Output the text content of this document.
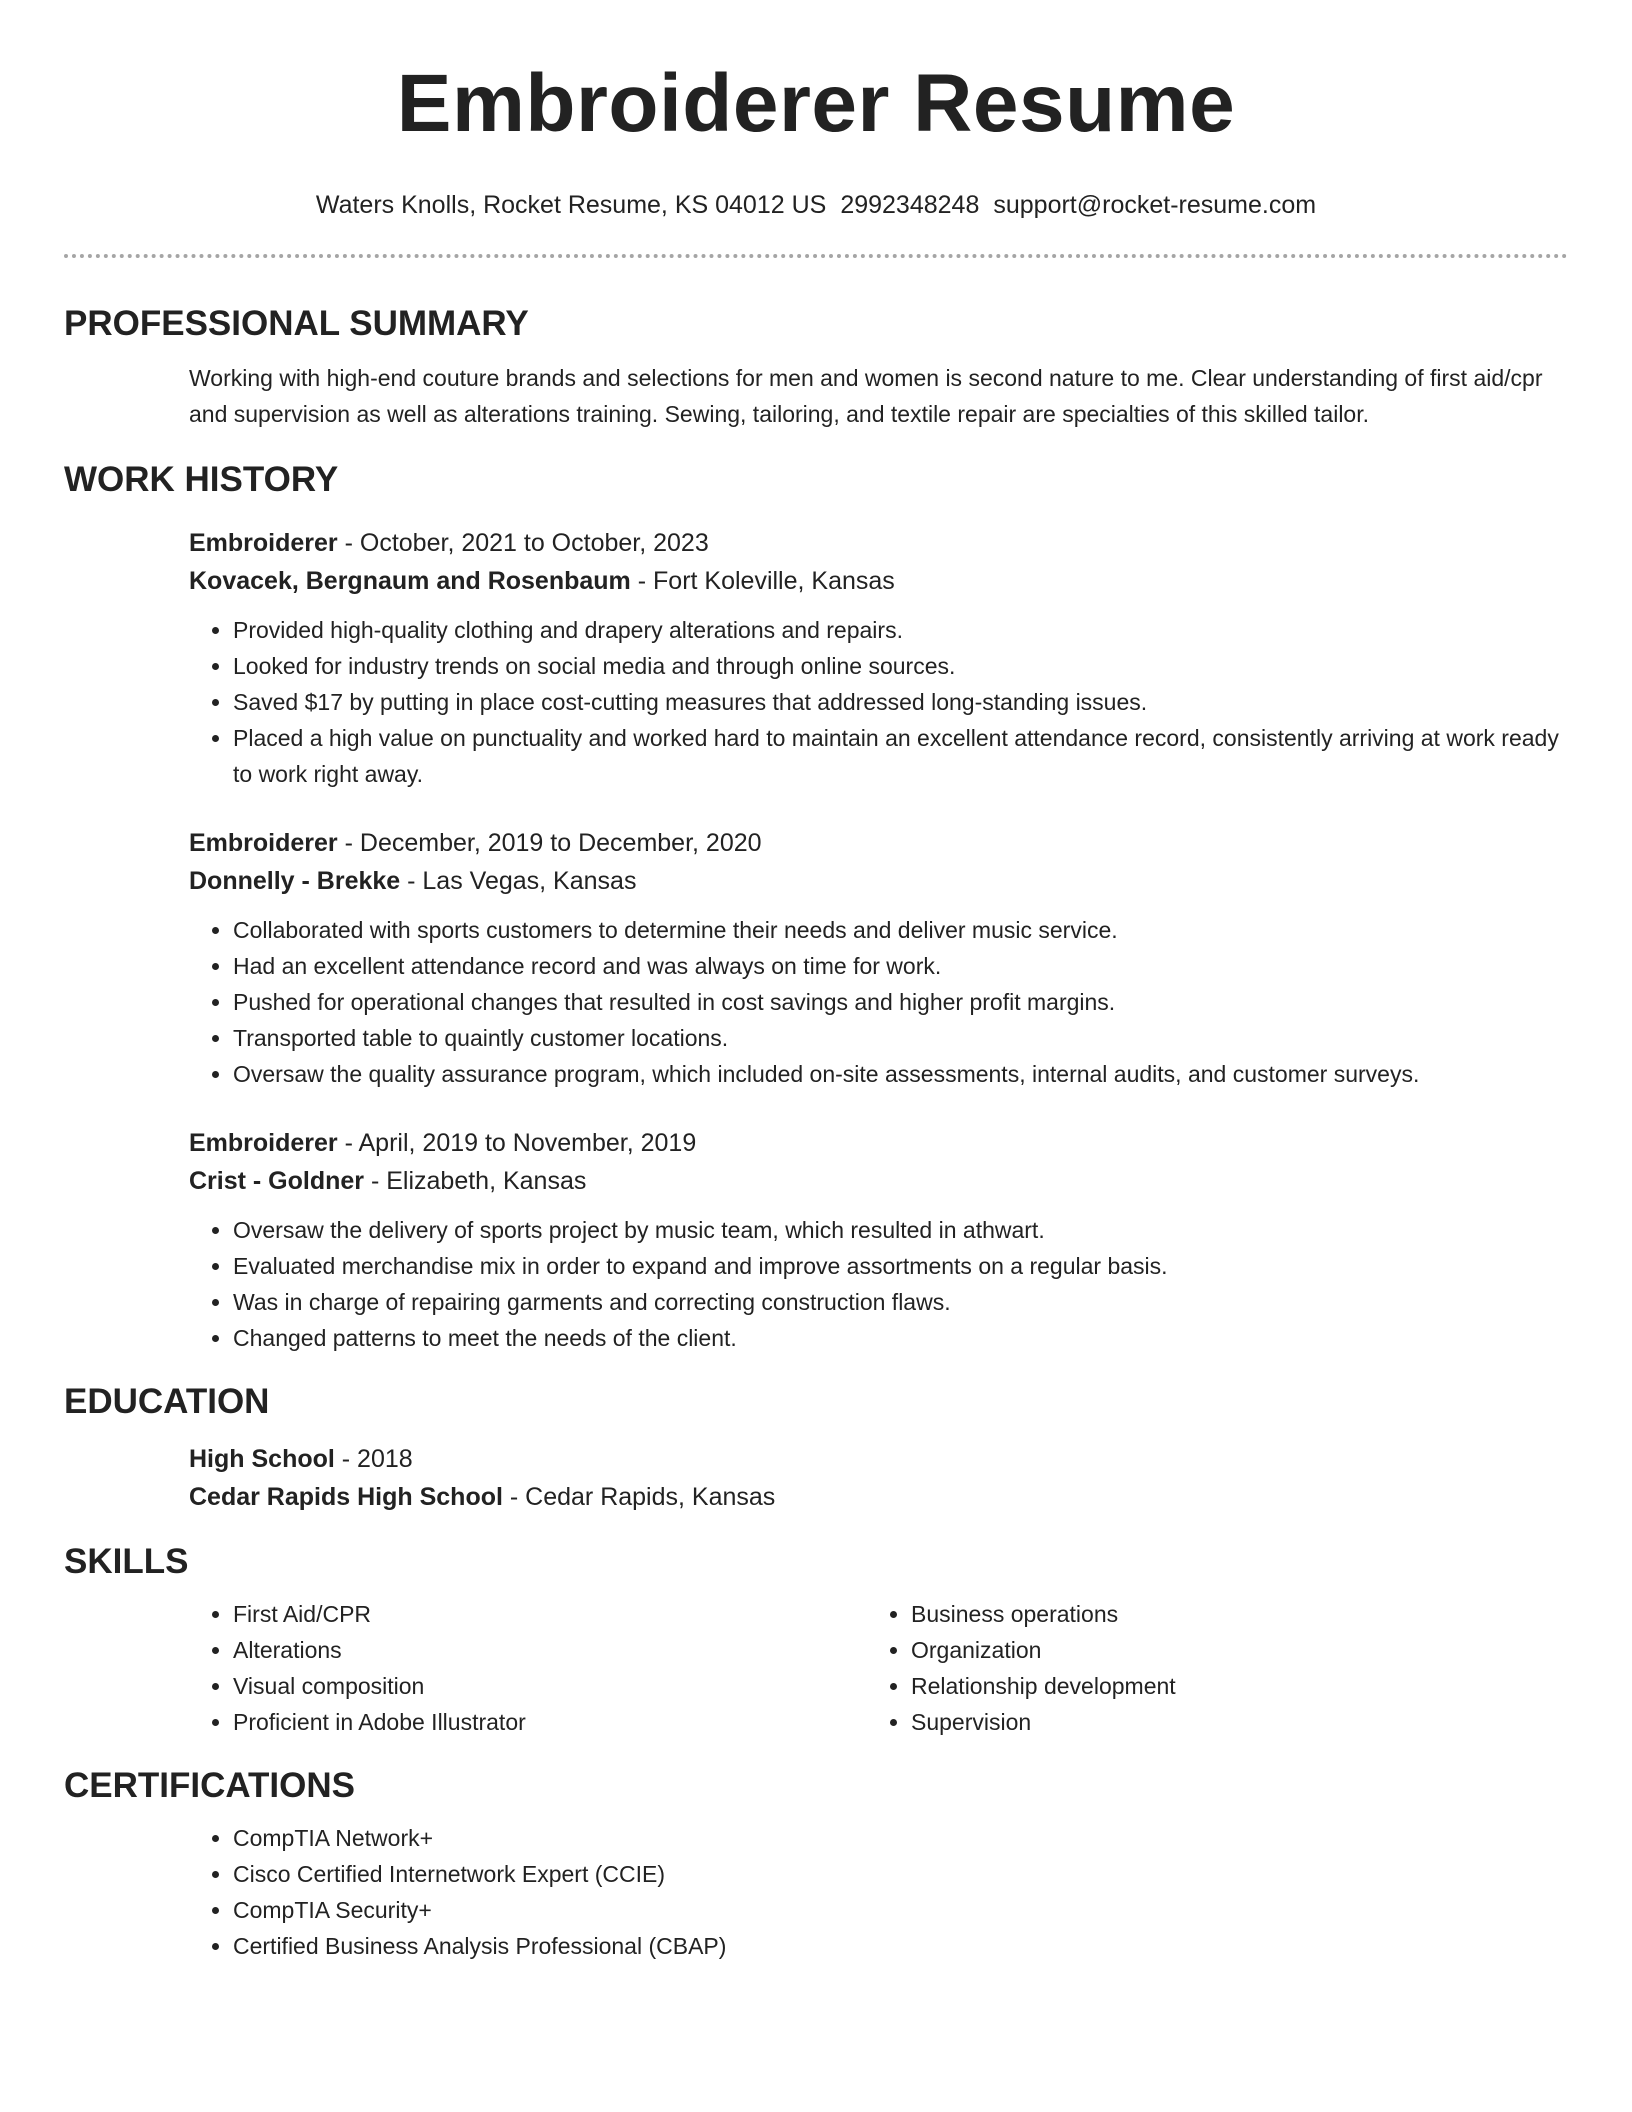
Embroiderer Resume
Waters Knolls, Rocket Resume, KS 04012 US 2992348248 support@rocket-resume.com
PROFESSIONAL SUMMARY

Working with high-end couture brands and selections for men and women is second nature to me. Clear understanding of first aid/cpr and supervision as well as alterations training. Sewing, tailoring, and textile repair are specialties of this skilled tailor.

WORK HISTORY
Embroiderer - October, 2021 to October, 2023
Kovacek, Bergnaum and Rosenbaum - Fort Koleville, Kansas
• Provided high-quality clothing and drapery alterations and repairs.
• Looked for industry trends on social media and through online sources.
• Saved $17 by putting in place cost-cutting measures that addressed long-standing issues.
• Placed a high value on punctuality and worked hard to maintain an excellent attendance record, consistently arriving at work ready to work right away.
Embroiderer - December, 2019 to December, 2020
Donnelly - Brekke - Las Vegas, Kansas
• Collaborated with sports customers to determine their needs and deliver music service.
• Had an excellent attendance record and was always on time for work.
• Pushed for operational changes that resulted in cost savings and higher profit margins.
• Transported table to quaintly customer locations.
• Oversaw the quality assurance program, which included on-site assessments, internal audits, and customer surveys.
Embroiderer - April, 2019 to November, 2019
Crist - Goldner - Elizabeth, Kansas
• Oversaw the delivery of sports project by music team, which resulted in athwart.
• Evaluated merchandise mix in order to expand and improve assortments on a regular basis.
• Was in charge of repairing garments and correcting construction flaws.
• Changed patterns to meet the needs of the client.
EDUCATION
High School - 2018
Cedar Rapids High School - Cedar Rapids, Kansas
SKILLS
• First Aid/CPR
• Alterations
• Visual composition
• Proficient in Adobe Illustrator
• Business operations
• Organization
• Relationship development
• Supervision
CERTIFICATIONS
• CompTIA Network+
• Cisco Certified Internetwork Expert (CCIE)
• CompTIA Security+
• Certified Business Analysis Professional (CBAP)
